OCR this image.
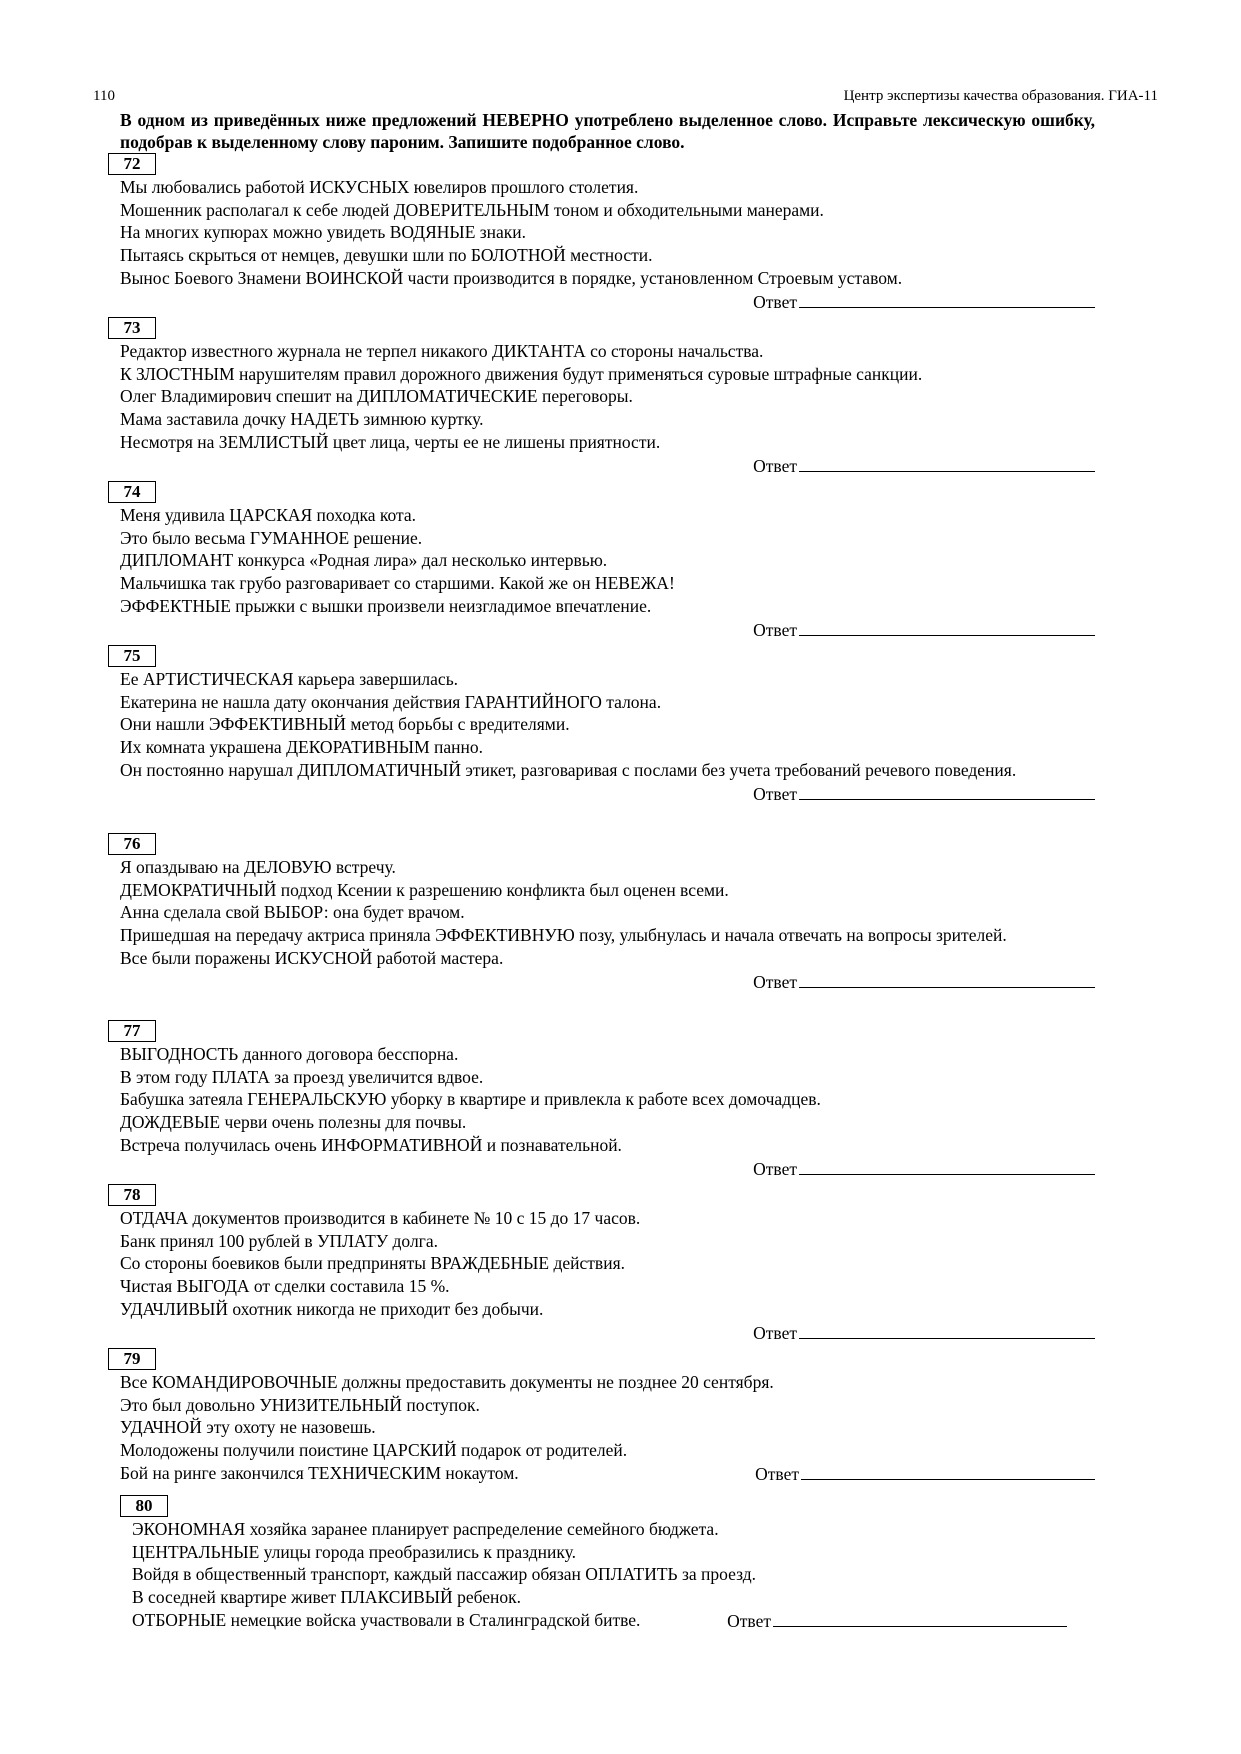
110	Центр экспертизы качества образования. ГИА-11
В одном из приведённых ниже предложений НЕВЕРНО употреблено выделенное слово. Исправьте лексическую ошибку, подобрав к выделенному слову пароним. Запишите подобранное слово.
72
Мы любовались работой ИСКУСНЫХ ювелиров прошлого столетия.
Мошенник располагал к себе людей ДОВЕРИТЕЛЬНЫМ тоном и обходительными манерами.
На многих купюрах можно увидеть ВОДЯНЫЕ знаки.
Пытаясь скрыться от немцев, девушки шли по БОЛОТНОЙ местности.
Вынос Боевого Знамени ВОИНСКОЙ части производится в порядке, установленном Строевым уставом.
Ответ
73
Редактор известного журнала не терпел никакого ДИКТАНТА со стороны начальства.
К ЗЛОСТНЫМ нарушителям правил дорожного движения будут применяться суровые штрафные санкции.
Олег Владимирович спешит на ДИПЛОМАТИЧЕСКИЕ переговоры.
Мама заставила дочку НАДЕТЬ зимнюю куртку.
Несмотря на ЗЕМЛИСТЫЙ цвет лица, черты ее не лишены приятности.
Ответ
74
Меня удивила ЦАРСКАЯ походка кота.
Это было весьма ГУМАННОЕ решение.
ДИПЛОМАНТ конкурса «Родная лира» дал несколько интервью.
Мальчишка так грубо разговаривает со старшими. Какой же он НЕВЕЖА!
ЭФФЕКТНЫЕ прыжки с вышки произвели неизгладимое впечатление.
Ответ
75
Ее АРТИСТИЧЕСКАЯ карьера завершилась.
Екатерина не нашла дату окончания действия ГАРАНТИЙНОГО талона.
Они нашли ЭФФЕКТИВНЫЙ метод борьбы с вредителями.
Их комната украшена ДЕКОРАТИВНЫМ панно.
Он постоянно нарушал ДИПЛОМАТИЧНЫЙ этикет, разговаривая с послами без учета требований речевого поведения.
Ответ
76
Я опаздываю на ДЕЛОВУЮ встречу.
ДЕМОКРАТИЧНЫЙ подход Ксении к разрешению конфликта был оценен всеми.
Анна сделала свой ВЫБОР: она будет врачом.
Пришедшая на передачу актриса приняла ЭФФЕКТИВНУЮ позу, улыбнулась и начала отвечать на вопросы зрителей.
Все были поражены ИСКУСНОЙ работой мастера.
Ответ
77
ВЫГОДНОСТЬ данного договора бесспорна.
В этом году ПЛАТА за проезд увеличится вдвое.
Бабушка затеяла ГЕНЕРАЛЬСКУЮ уборку в квартире и привлекла к работе всех домочадцев.
ДОЖДЕВЫЕ черви очень полезны для почвы.
Встреча получилась очень ИНФОРМАТИВНОЙ и познавательной.
Ответ
78
ОТДАЧА документов производится в кабинете № 10 с 15 до 17 часов.
Банк принял 100 рублей в УПЛАТУ долга.
Со стороны боевиков были предприняты ВРАЖДЕБНЫЕ действия.
Чистая ВЫГОДА от сделки составила 15 %.
УДАЧЛИВЫЙ охотник никогда не приходит без добычи.
Ответ
79
Все КОМАНДИРОВОЧНЫЕ должны предоставить документы не позднее 20 сентября.
Это был довольно УНИЗИТЕЛЬНЫЙ поступок.
УДАЧНОЙ эту охоту не назовешь.
Молодожены получили поистине ЦАРСКИЙ подарок от родителей.
Бой на ринге закончился ТЕХНИЧЕСКИМ нокаутом.	Ответ
80
ЭКОНОМНАЯ хозяйка заранее планирует распределение семейного бюджета.
ЦЕНТРАЛЬНЫЕ улицы города преобразились к празднику.
Войдя в общественный транспорт, каждый пассажир обязан ОПЛАТИТЬ за проезд.
В соседней квартире живет ПЛАКСИВЫЙ ребенок.
ОТБОРНЫЕ немецкие войска участвовали в Сталинградской битве.	Ответ
